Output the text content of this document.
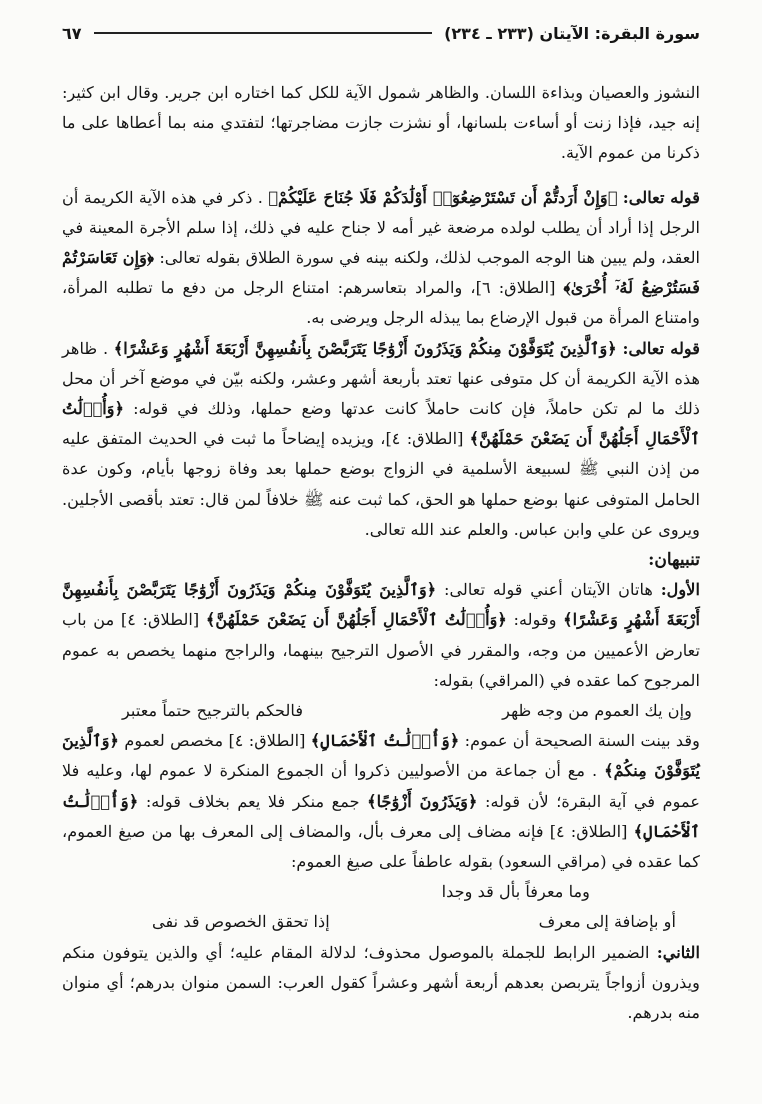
سورة البقرة: الآيتان (٢٣٣ ـ ٢٣٤)
٦٧

النشوز والعصيان وبذاءة اللسان. والظاهر شمول الآية للكل كما اختاره ابن جرير. وقال ابن كثير: إنه جيد، فإذا زنت أو أساءت بلسانها، أو نشزت جازت مضاجرتها؛ لتفتدي منه بما أعطاها على ما ذكرنا من عموم الآية.

قوله تعالى: ﴿وَإِنْ أَرَدتُّمْ أَن تَسْتَرْضِعُوٓا۟ أَوْلَٰدَكُمْ فَلَا جُنَاحَ عَلَيْكُمْ﴾ . ذكر في هذه الآية الكريمة أن الرجل إذا أراد أن يطلب لولده مرضعة غير أمه لا جناح عليه في ذلك، إذا سلم الأجرة المعينة في العقد، ولم يبين هنا الوجه الموجب لذلك، ولكنه بينه في سورة الطلاق بقوله تعالى: ﴿وَإِن تَعَاسَرْتُمْ فَسَتُرْضِعُ لَهُۥٓ أُخْرَىٰ﴾ [الطلاق: ٦]، والمراد بتعاسرهم: امتناع الرجل من دفع ما تطلبه المرأة، وامتناع المرأة من قبول الإرضاع بما يبذله الرجل ويرضى به.

قوله تعالى: ﴿وَٱلَّذِينَ يُتَوَفَّوْنَ مِنكُمْ وَيَذَرُونَ أَزْوَٰجًا يَتَرَبَّصْنَ بِأَنفُسِهِنَّ أَرْبَعَةَ أَشْهُرٍ وَعَشْرًا﴾ . ظاهر هذه الآية الكريمة أن كل متوفى عنها تعتد بأربعة أشهر وعشر، ولكنه بيّن في موضع آخر أن محل ذلك ما لم تكن حاملاً، فإن كانت حاملاً كانت عدتها وضع حملها، وذلك في قوله: ﴿وَأُو۟لَٰتُ ٱلْأَحْمَالِ أَجَلُهُنَّ أَن يَضَعْنَ حَمْلَهُنَّ﴾ [الطلاق: ٤]، ويزيده إيضاحاً ما ثبت في الحديث المتفق عليه من إذن النبي ﷺ لسبيعة الأسلمية في الزواج بوضع حملها بعد وفاة زوجها بأيام، وكون عدة الحامل المتوفى عنها بوضع حملها هو الحق، كما ثبت عنه ﷺ خلافاً لمن قال: تعتد بأقصى الأجلين. ويروى عن علي وابن عباس. والعلم عند الله تعالى.

تنبيهان:

الأول: هاتان الآيتان أعني قوله تعالى: ﴿وَٱلَّذِينَ يُتَوَفَّوْنَ مِنكُمْ وَيَذَرُونَ أَزْوَٰجًا يَتَرَبَّصْنَ بِأَنفُسِهِنَّ أَرْبَعَةَ أَشْهُرٍ وَعَشْرًا﴾ وقوله: ﴿وَأُو۟لَٰتُ ٱلْأَحْمَالِ أَجَلُهُنَّ أَن يَضَعْنَ حَمْلَهُنَّ﴾ [الطلاق: ٤] من باب تعارض الأعميين من وجه، والمقرر في الأصول الترجيح بينهما، والراجح منهما يخصص به عموم المرجوح كما عقده في (المراقي) بقوله:

وإن يك العموم من وجه ظهر
فالحكم بالترجيح حتماً معتبر

وقد بينت السنة الصحيحة أن عموم: ﴿وَأُو۟لَٰتُ ٱلْأَحْمَالِ﴾ [الطلاق: ٤] مخصص لعموم ﴿وَٱلَّذِينَ يُتَوَفَّوْنَ مِنكُمْ﴾ . مع أن جماعة من الأصوليين ذكروا أن الجموع المنكرة لا عموم لها، وعليه فلا عموم في آية البقرة؛ لأن قوله: ﴿وَيَذَرُونَ أَزْوَٰجًا﴾ جمع منكر فلا يعم بخلاف قوله: ﴿وَأُو۟لَٰتُ ٱلْأَحْمَالِ﴾ [الطلاق: ٤] فإنه مضاف إلى معرف بأل، والمضاف إلى المعرف بها من صيغ العموم، كما عقده في (مراقي السعود) بقوله عاطفاً على صيغ العموم:

وما معرفاً بأل قد وجدا
أو بإضافة إلى معرف
إذا تحقق الخصوص قد نفى

الثاني: الضمير الرابط للجملة بالموصول محذوف؛ لدلالة المقام عليه؛ أي والذين يتوفون منكم ويذرون أزواجاً يتربصن بعدهم أربعة أشهر وعشراً كقول العرب: السمن منوان بدرهم؛ أي منوان منه بدرهم.
